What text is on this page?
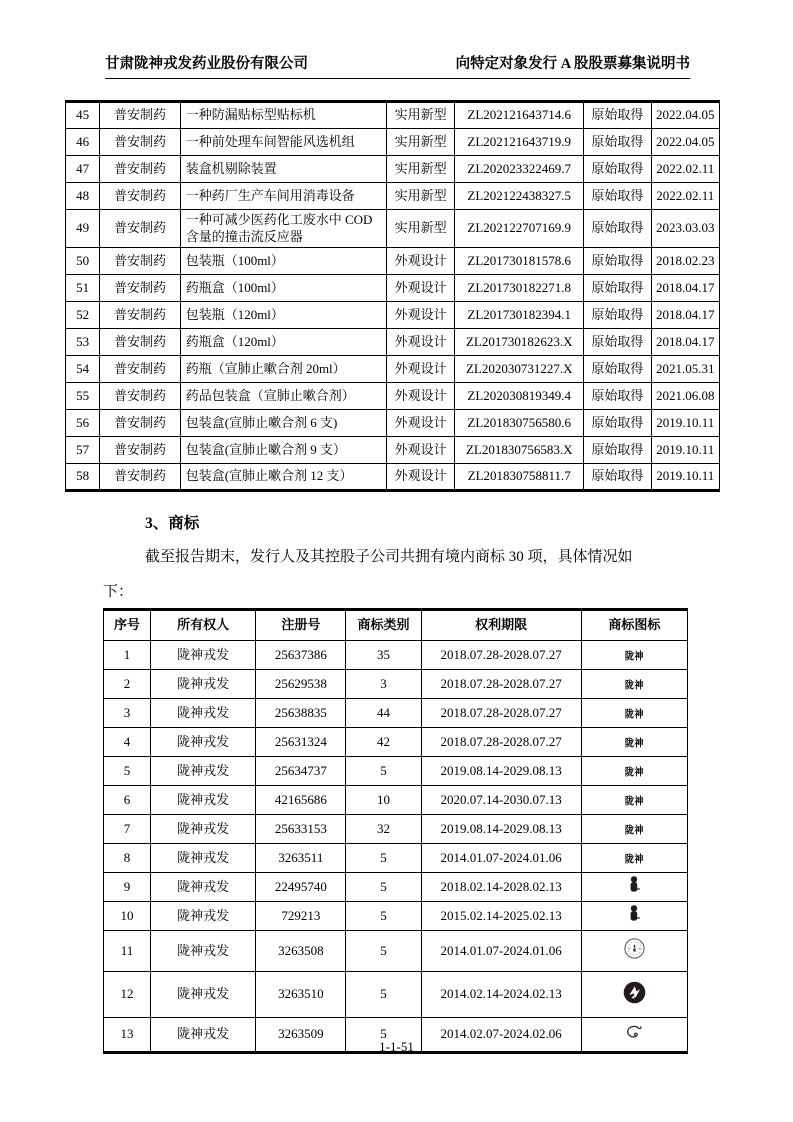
甘肃陇神戎发药业股份有限公司	向特定对象发行 A 股股票募集说明书
45	普安制药	一种防漏贴标型贴标机	实用新型	ZL202121643714.6	原始取得	2022.04.05
46	普安制药	一种前处理车间智能风选机组	实用新型	ZL202121643719.9	原始取得	2022.04.05
47	普安制药	装盒机剔除装置	实用新型	ZL202023322469.7	原始取得	2022.02.11
48	普安制药	一种药厂生产车间用消毒设备	实用新型	ZL202122438327.5	原始取得	2022.02.11
49	普安制药	一种可减少医药化工废水中 COD 含量的撞击流反应器	实用新型	ZL202122707169.9	原始取得	2023.03.03
50	普安制药	包装瓶（100ml）	外观设计	ZL201730181578.6	原始取得	2018.02.23
51	普安制药	药瓶盒（100ml）	外观设计	ZL201730182271.8	原始取得	2018.04.17
52	普安制药	包装瓶（120ml）	外观设计	ZL201730182394.1	原始取得	2018.04.17
53	普安制药	药瓶盒（120ml）	外观设计	ZL201730182623.X	原始取得	2018.04.17
54	普安制药	药瓶（宣肺止嗽合剂 20ml）	外观设计	ZL202030731227.X	原始取得	2021.05.31
55	普安制药	药品包装盒（宣肺止嗽合剂）	外观设计	ZL202030819349.4	原始取得	2021.06.08
56	普安制药	包装盒(宣肺止嗽合剂 6 支)	外观设计	ZL201830756580.6	原始取得	2019.10.11
57	普安制药	包装盒(宣肺止嗽合剂 9 支）	外观设计	ZL201830756583.X	原始取得	2019.10.11
58	普安制药	包装盒(宣肺止嗽合剂 12 支）	外观设计	ZL201830758811.7	原始取得	2019.10.11
3、商标
截至报告期末，发行人及其控股子公司共拥有境内商标 30 项，具体情况如
下：
序号	所有权人	注册号	商标类别	权利期限	商标图标
1	陇神戎发	25637386	35	2018.07.28-2028.07.27	陇神

2	陇神戎发	25629538	3	2018.07.28-2028.07.27	陇神

3	陇神戎发	25638835	44	2018.07.28-2028.07.27	陇神

4	陇神戎发	25631324	42	2018.07.28-2028.07.27	陇神

5	陇神戎发	25634737	5	2019.08.14-2029.08.13	陇神

6	陇神戎发	42165686	10	2020.07.14-2030.07.13	陇神

7	陇神戎发	25633153	32	2019.08.14-2029.08.13	陇神

8	陇神戎发	3263511	5	2014.01.07-2024.01.06	陇神

9	陇神戎发	22495740	5	2018.02.14-2028.02.13	

10	陇神戎发	729213	5	2015.02.14-2025.02.13	

11	陇神戎发	3263508	5	2014.01.07-2024.01.06	

12	陇神戎发	3263510	5	2014.02.14-2024.02.13	

13	陇神戎发	3263509	5	2014.02.07-2024.02.06	
1-1-51
